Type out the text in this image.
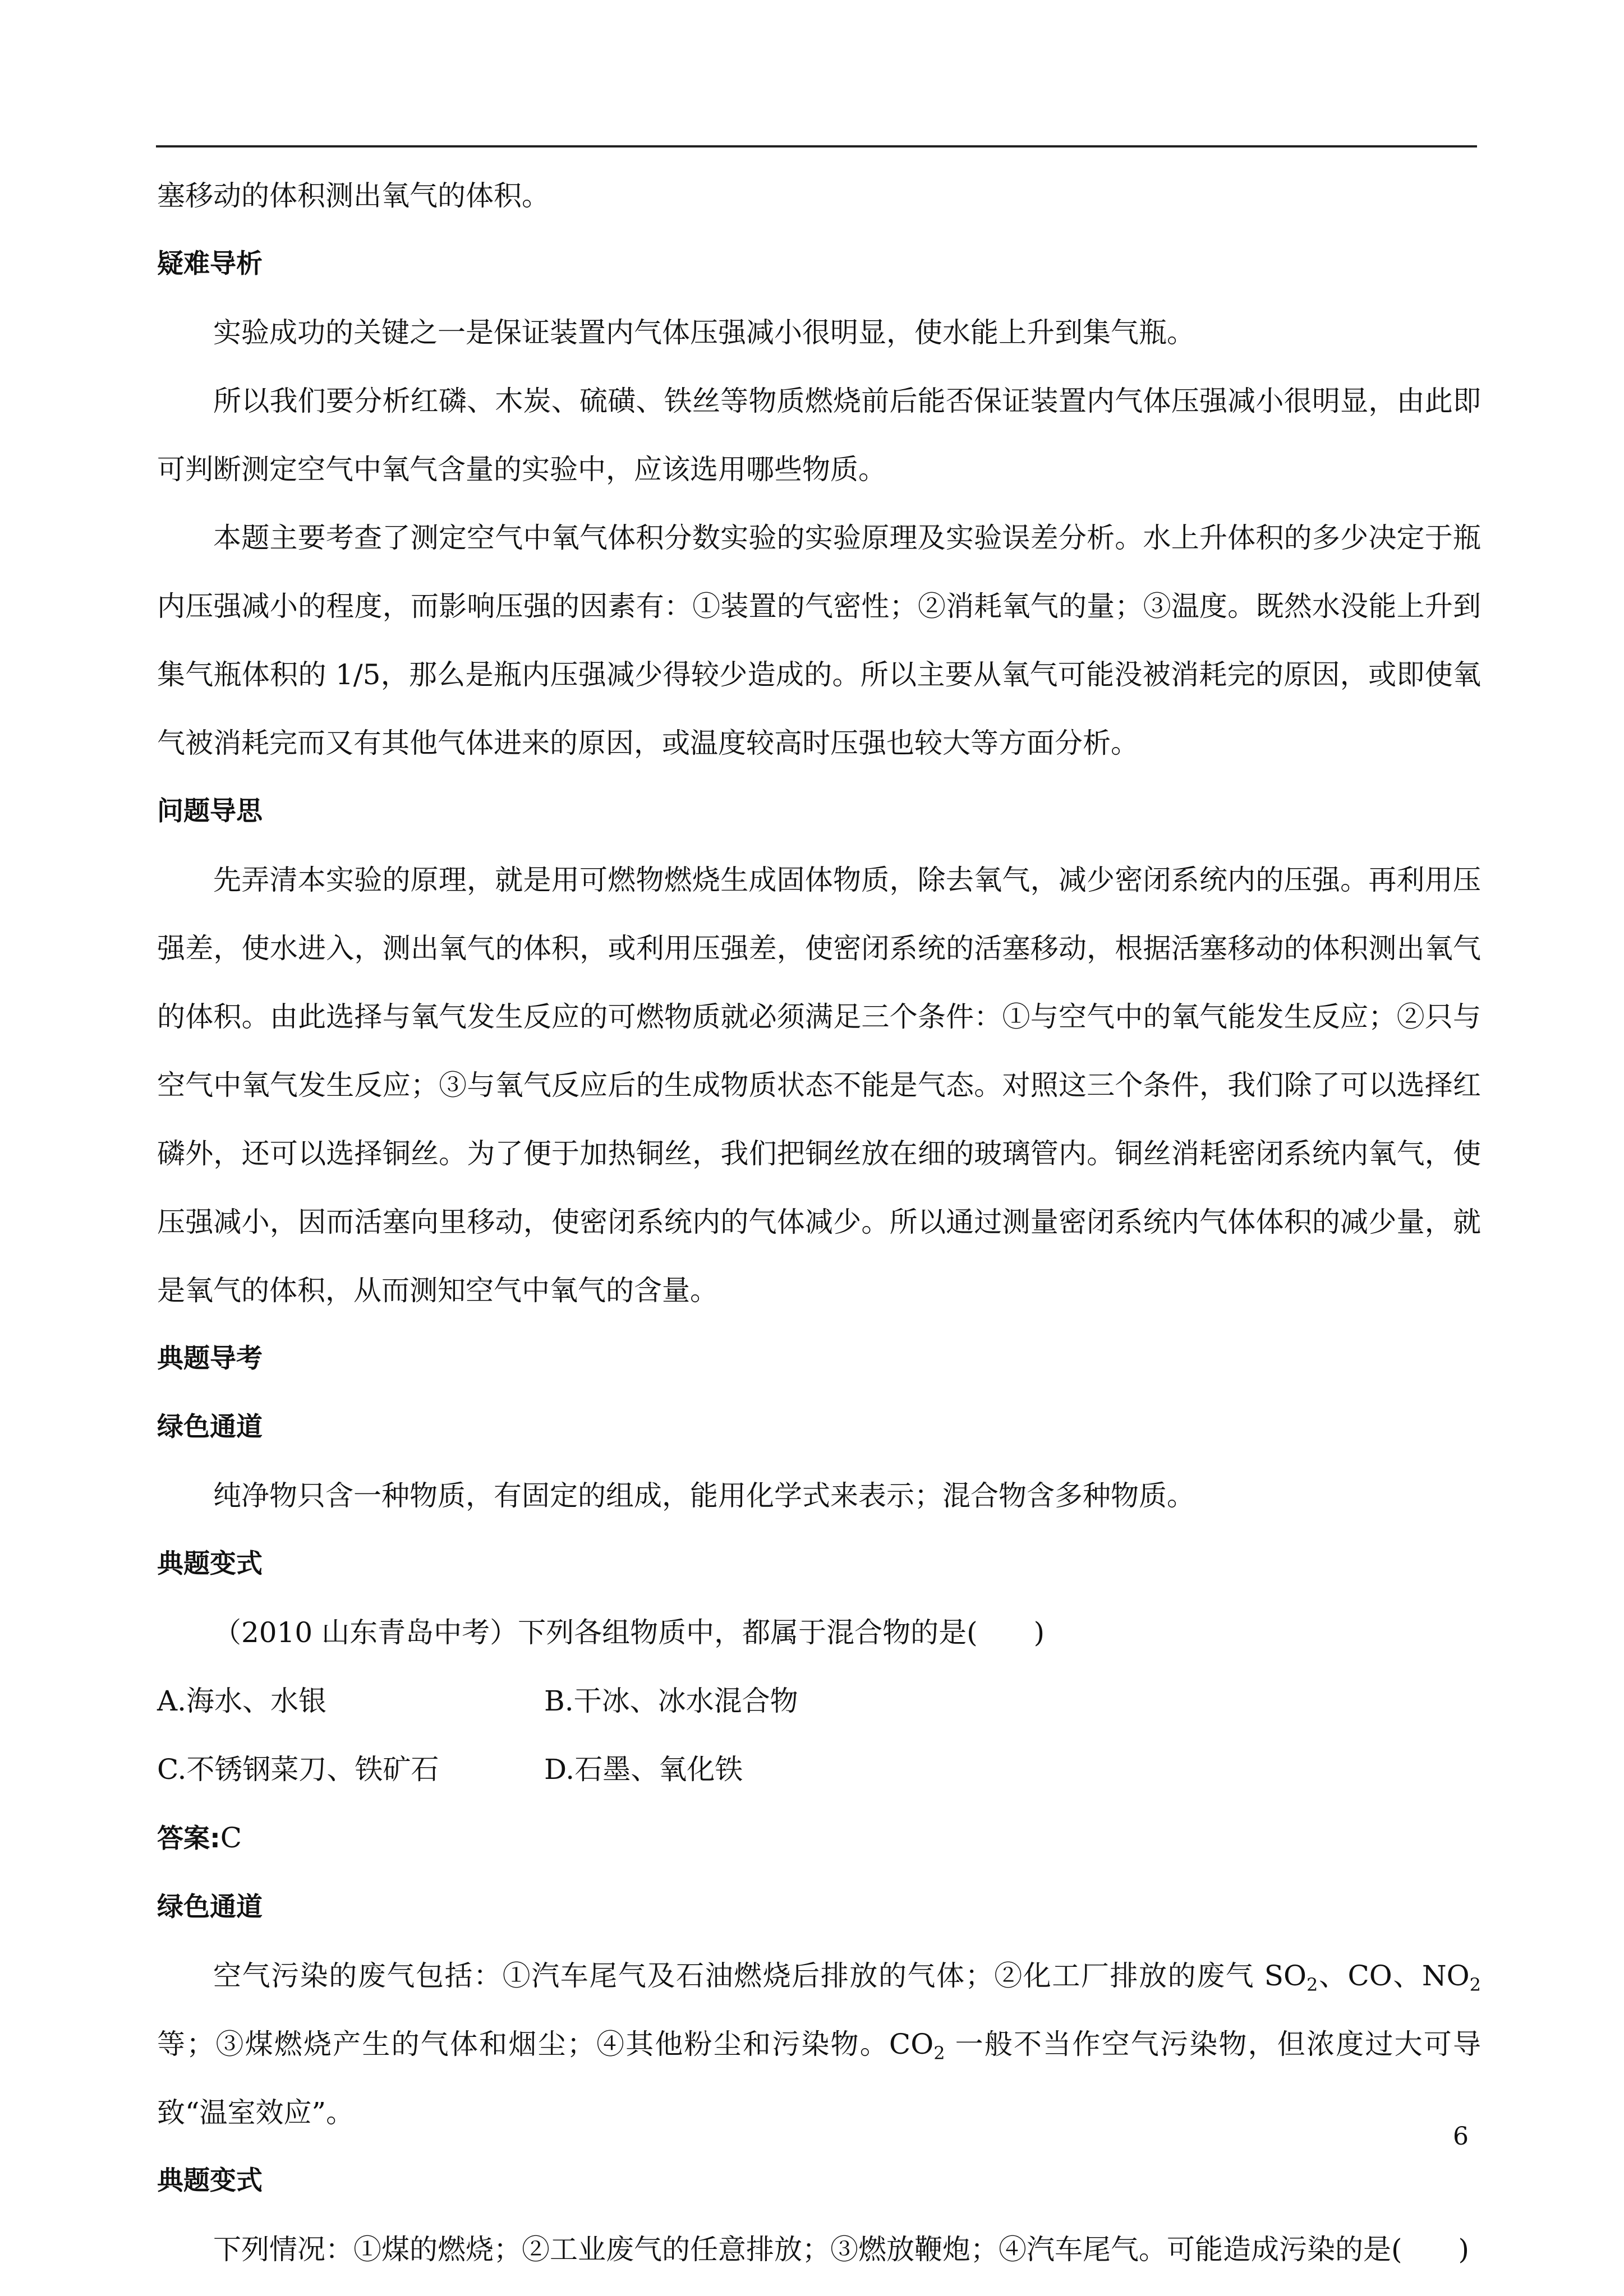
塞移动的体积测出氧气的体积。

疑难导析

实验成功的关键之一是保证装置内气体压强减小很明显，使水能上升到集气瓶。

所以我们要分析红磷、木炭、硫磺、铁丝等物质燃烧前后能否保证装置内气体压强减小很明显，由此即可判断测定空气中氧气含量的实验中，应该选用哪些物质。

本题主要考查了测定空气中氧气体积分数实验的实验原理及实验误差分析。水上升体积的多少决定于瓶内压强减小的程度，而影响压强的因素有：①装置的气密性；②消耗氧气的量；③温度。既然水没能上升到集气瓶体积的 1/5，那么是瓶内压强减少得较少造成的。所以主要从氧气可能没被消耗完的原因，或即使氧气被消耗完而又有其他气体进来的原因，或温度较高时压强也较大等方面分析。

问题导思

先弄清本实验的原理，就是用可燃物燃烧生成固体物质，除去氧气，减少密闭系统内的压强。再利用压强差，使水进入，测出氧气的体积，或利用压强差，使密闭系统的活塞移动，根据活塞移动的体积测出氧气的体积。由此选择与氧气发生反应的可燃物质就必须满足三个条件：①与空气中的氧气能发生反应；②只与空气中氧气发生反应；③与氧气反应后的生成物质状态不能是气态。对照这三个条件，我们除了可以选择红磷外，还可以选择铜丝。为了便于加热铜丝，我们把铜丝放在细的玻璃管内。铜丝消耗密闭系统内氧气，使压强减小，因而活塞向里移动，使密闭系统内的气体减少。所以通过测量密闭系统内气体体积的减少量，就是氧气的体积，从而测知空气中氧气的含量。

典题导考

绿色通道

纯净物只含一种物质，有固定的组成，能用化学式来表示；混合物含多种物质。

典题变式

（2010 山东青岛中考）下列各组物质中，都属于混合物的是(　　)

A.海水、水银	B.干冰、冰水混合物
C.不锈钢菜刀、铁矿石	D.石墨、氧化铁

答案:C

绿色通道

空气污染的废气包括：①汽车尾气及石油燃烧后排放的气体；②化工厂排放的废气 $SO_2$、CO、$NO_2$ 等；③煤燃烧产生的气体和烟尘；④其他粉尘和污染物。$CO_2$ 一般不当作空气污染物，但浓度过大可导致“温室效应”。

典题变式

下列情况：①煤的燃烧；②工业废气的任意排放；③燃放鞭炮；④汽车尾气。可能造成污染的是(　　)

6
